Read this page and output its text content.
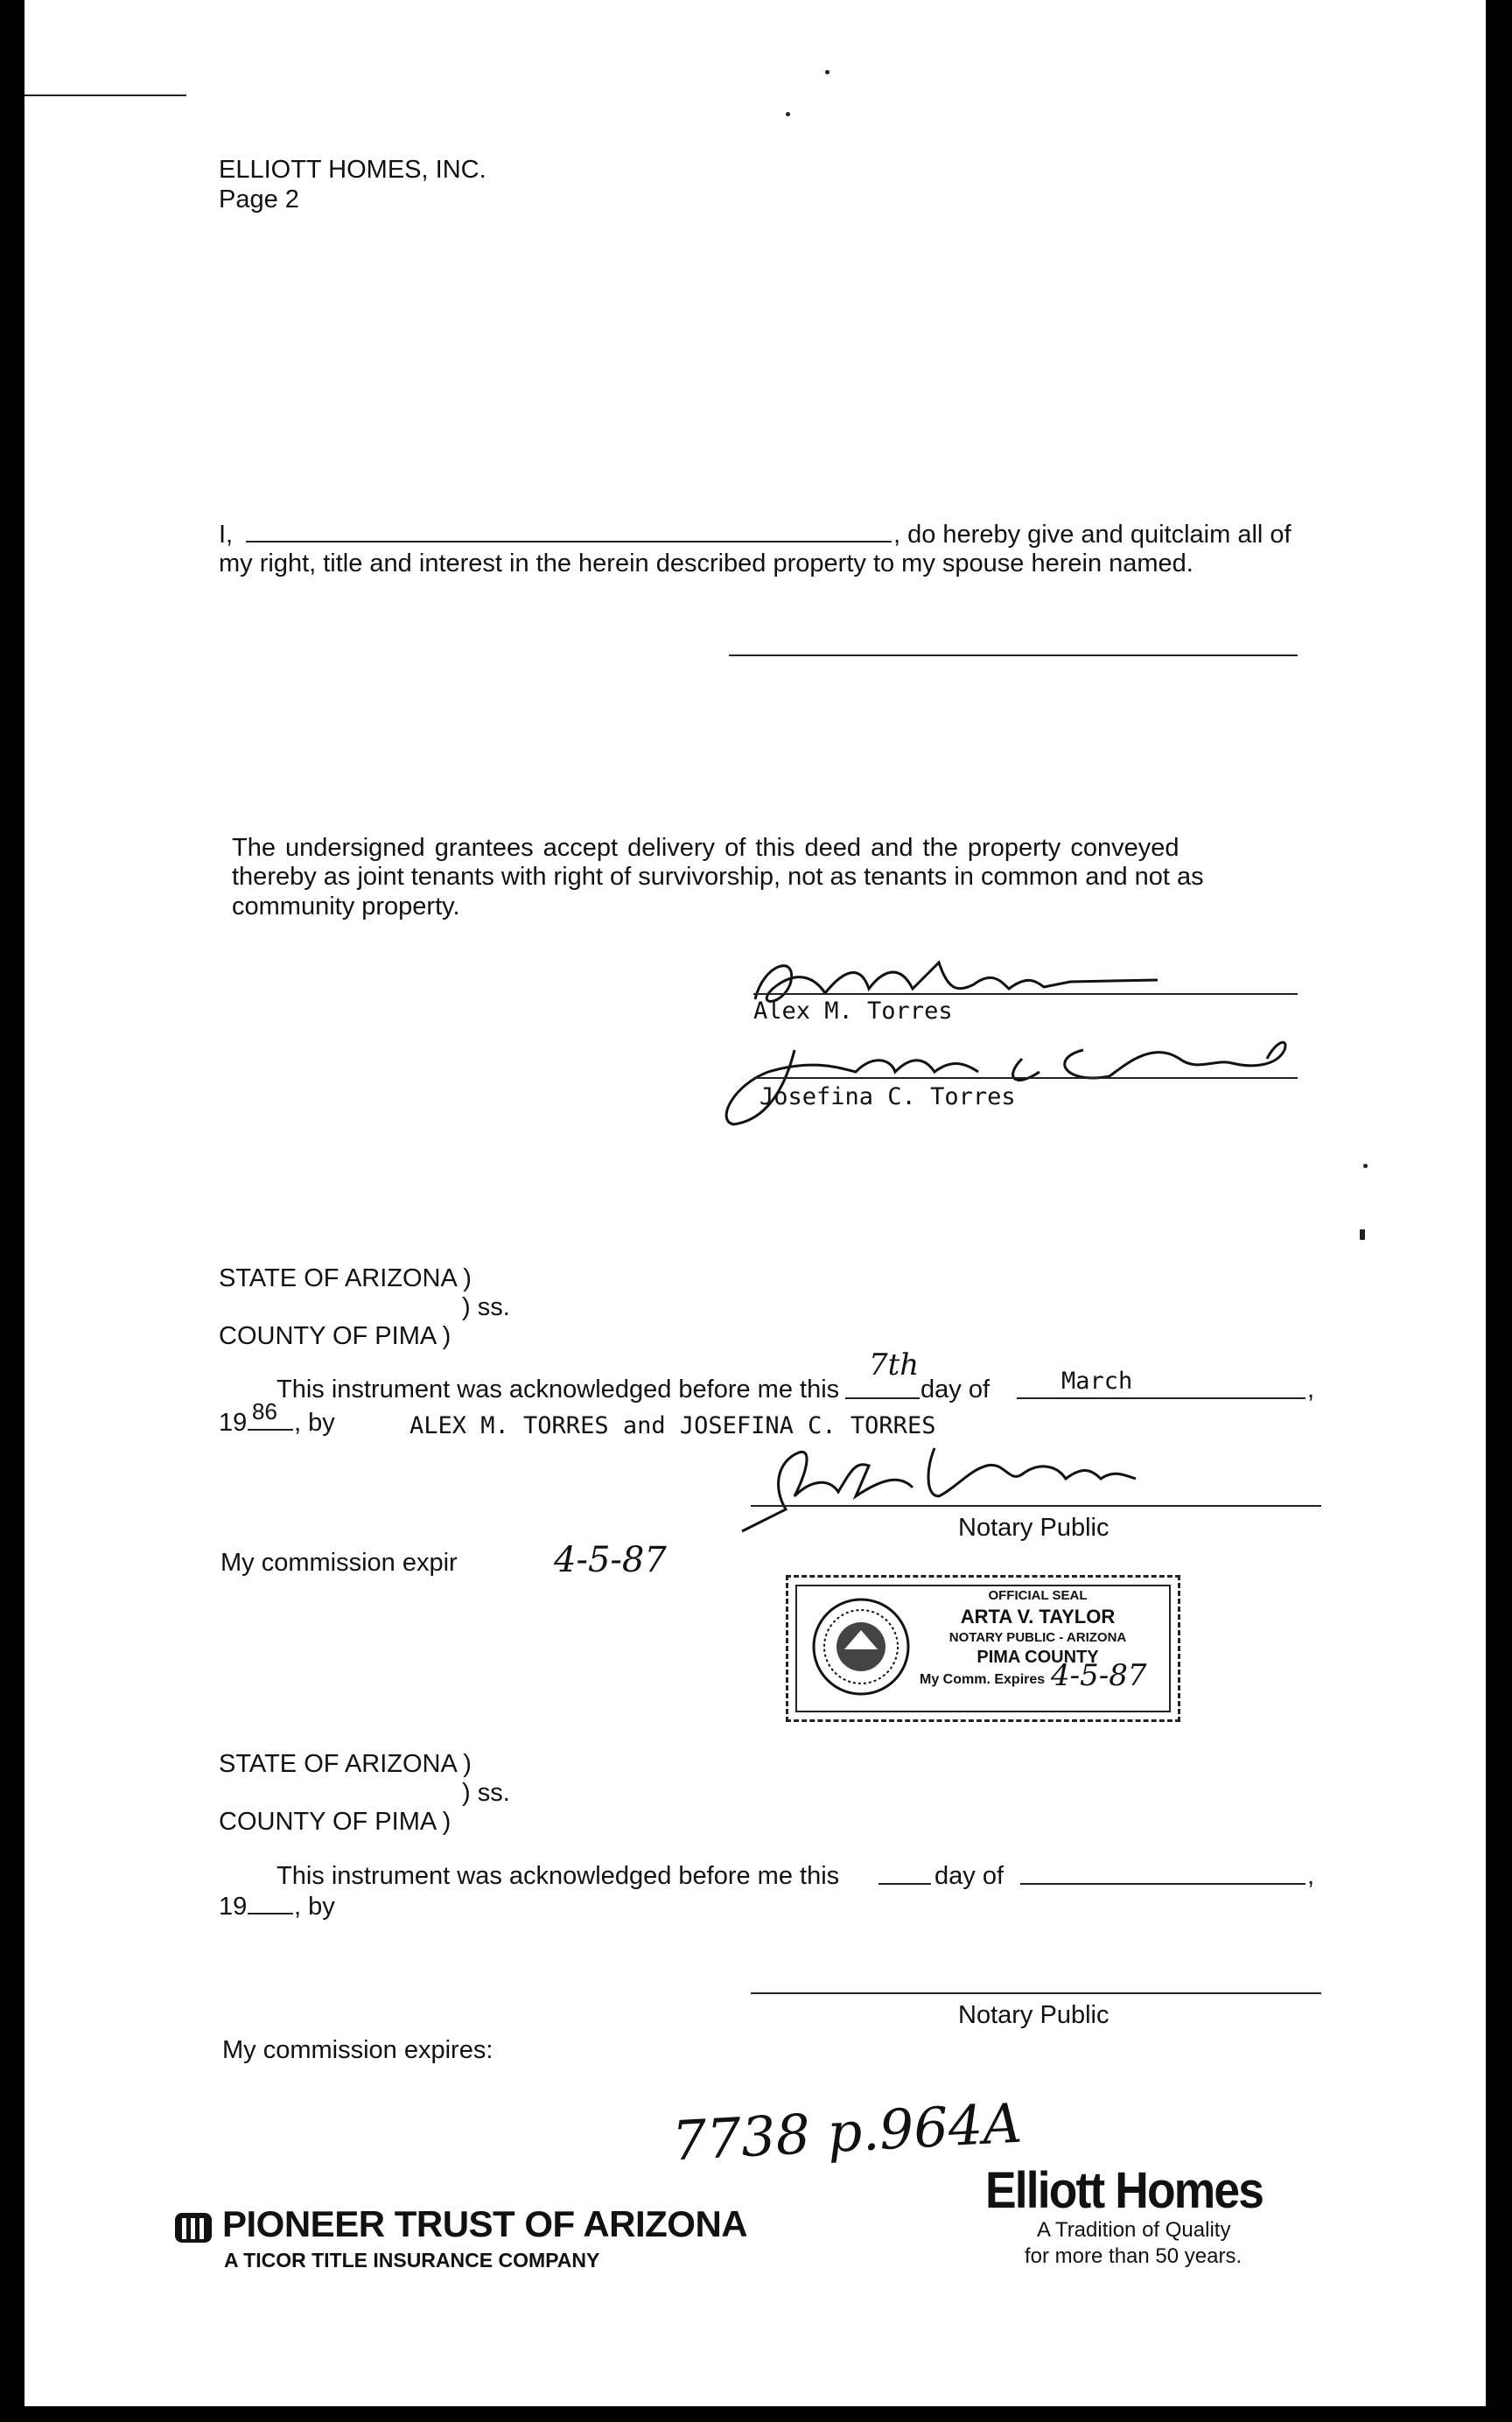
ELLIOTT HOMES, INC.
Page 2
I,	, do hereby give and quitclaim all of
my right, title and interest in the herein described property to my spouse herein named.
The undersigned grantees accept delivery of this deed and the property conveyed
thereby as joint tenants with right of survivorship, not as tenants in common and not as
community property.
Alex M. Torres
Josefina C. Torres
STATE OF ARIZONA )
) ss.
COUNTY OF PIMA )
This instrument was acknowledged before me this
7th
day of	March	,
19 86 , by	ALEX M. TORRES and JOSEFINA C. TORRES
Notary Public
My commission expir	4-5-87
OFFICIAL SEAL
ARTA V. TAYLOR
NOTARY PUBLIC - ARIZONA
PIMA COUNTY
My Comm. Expires 4-5-87
STATE OF ARIZONA )
) ss.
COUNTY OF PIMA )
This instrument was acknowledged before me this	day of	,
19 , by
Notary Public
My commission expires:
7738 p.964A
PIONEER TRUST OF ARIZONA
A TICOR TITLE INSURANCE COMPANY
Elliott Homes
A Tradition of Quality
for more than 50 years.
